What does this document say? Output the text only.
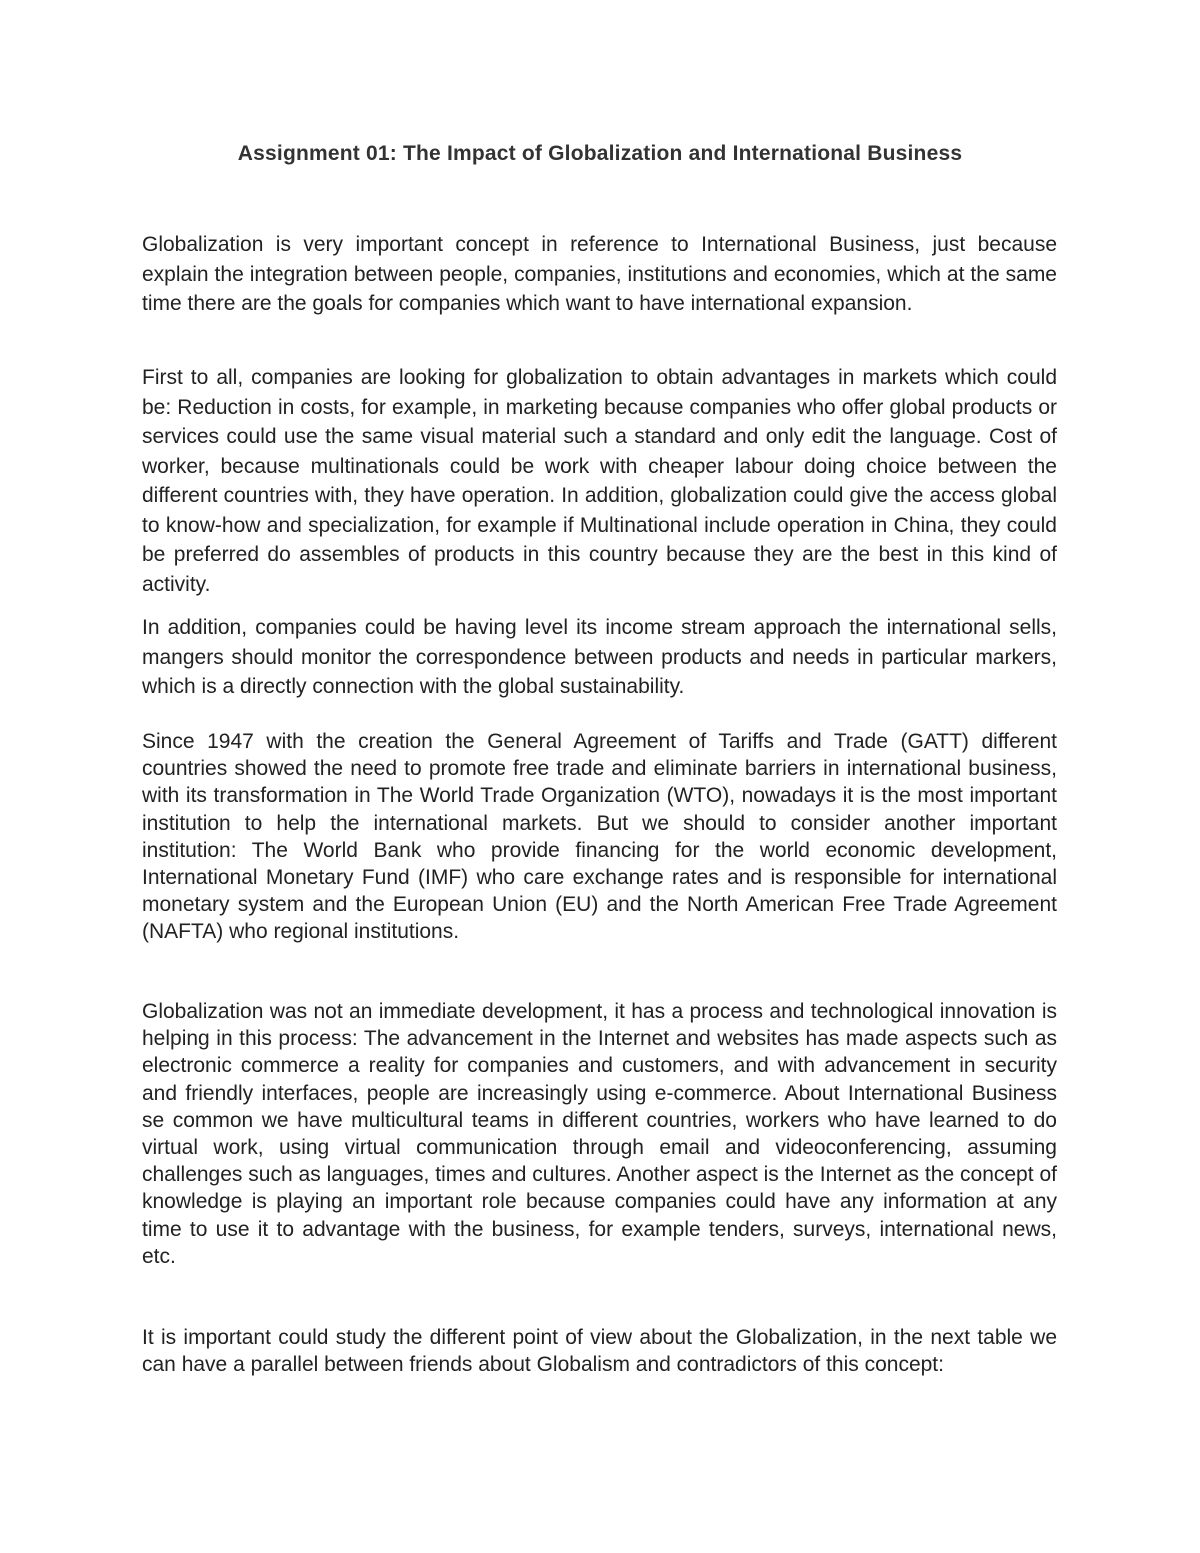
Assignment 01: The Impact of Globalization and International Business

Globalization is very important concept in reference to International Business, just because explain the integration between people, companies, institutions and economies, which at the same time there are the goals for companies which want to have international expansion.

First to all, companies are looking for globalization to obtain advantages in markets which could be: Reduction in costs, for example, in marketing because companies who offer global products or services could use the same visual material such a standard and only edit the language. Cost of worker, because multinationals could be work with cheaper labour doing choice between the different countries with, they have operation. In addition, globalization could give the access global to know-how and specialization, for example if Multinational include operation in China, they could be preferred do assembles of products in this country because they are the best in this kind of activity.

In addition, companies could be having level its income stream approach the international sells, mangers should monitor the correspondence between products and needs in particular markers, which is a directly connection with the global sustainability.

Since 1947 with the creation the General Agreement of Tariffs and Trade (GATT) different countries showed the need to promote free trade and eliminate barriers in international business, with its transformation in The World Trade Organization (WTO), nowadays it is the most important institution to help the international markets. But we should to consider another important institution: The World Bank who provide financing for the world economic development, International Monetary Fund (IMF) who care exchange rates and is responsible for international monetary system and the European Union (EU) and the North American Free Trade Agreement (NAFTA) who regional institutions.

Globalization was not an immediate development, it has a process and technological innovation is helping in this process: The advancement in the Internet and websites has made aspects such as electronic commerce a reality for companies and customers, and with advancement in security and friendly interfaces, people are increasingly using e-commerce. About International Business se common we have multicultural teams in different countries, workers who have learned to do virtual work, using virtual communication through email and videoconferencing, assuming challenges such as languages, times and cultures. Another aspect is the Internet as the concept of knowledge is playing an important role because companies could have any information at any time to use it to advantage with the business, for example tenders, surveys, international news, etc.

It is important could study the different point of view about the Globalization, in the next table we can have a parallel between friends about Globalism and contradictors of this concept:
